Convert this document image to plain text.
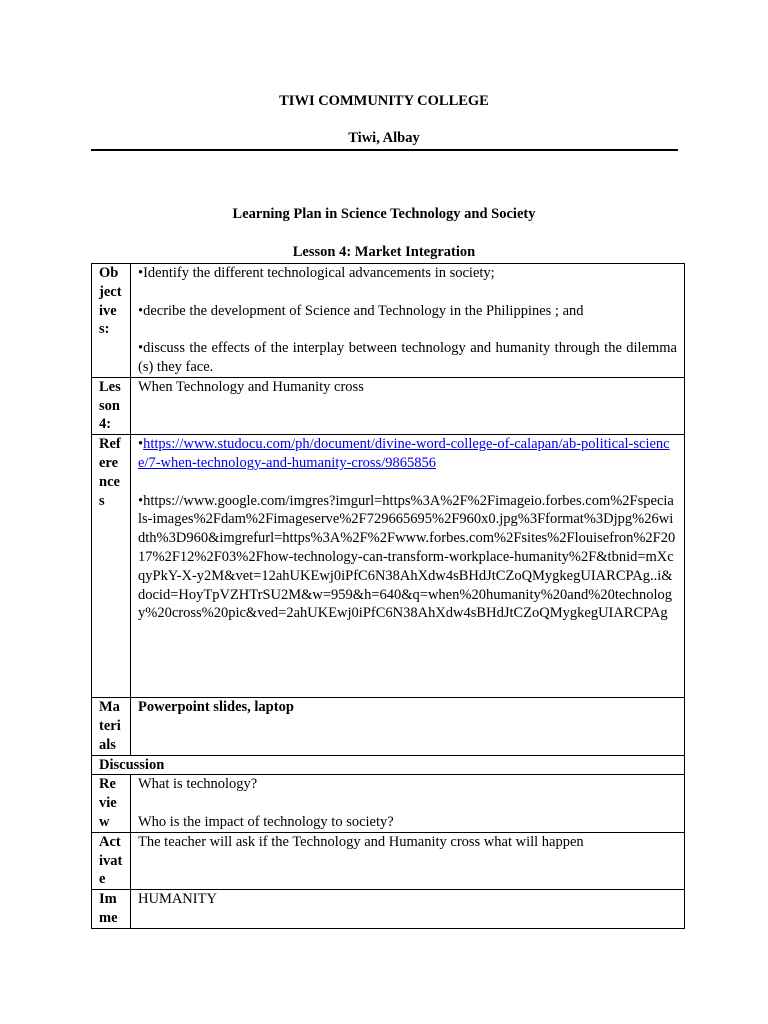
TIWI COMMUNITY COLLEGE
Tiwi, Albay
Learning Plan in Science Technology and Society
Lesson 4: Market Integration
Objectives:	•Identify the different technological advancements in society;

•decribe the development of Science and Technology in the Philippines ; and

•discuss the effects of the interplay between technology and humanity through the dilemma (s) they face.

Lesson 4:	When Technology and Humanity cross
References	•https://www.studocu.com/ph/document/divine-word-college-of-calapan/ab-political-science/7-when-technology-and-humanity-cross/9865856

•https://www.google.com/imgres?imgurl=https%3A%2F%2Fimageio.forbes.com%2Fspecials-images%2Fdam%2Fimageserve%2F729665695%2F960x0.jpg%3Fformat%3Djpg%26width%3D960&imgrefurl=https%3A%2F%2Fwww.forbes.com%2Fsites%2Flouisefron%2F2017%2F12%2F03%2Fhow-technology-can-transform-workplace-humanity%2F&tbnid=mXcqyPkY-X-y2M&vet=12ahUKEwj0iPfC6N38AhXdw4sBHdJtCZoQMygkegUIARCPAg..i&docid=HoyTpVZHTrSU2M&w=959&h=640&q=when%20humanity%20and%20technology%20cross%20pic&ved=2ahUKEwj0iPfC6N38AhXdw4sBHdJtCZoQMygkegUIARCPAg

Materials	Powerpoint slides, laptop
Discussion	
Review	What is technology?

Who is the impact of technology to society?

Activate	The teacher will ask if the Technology and Humanity cross what will happen
Imme	HUMANITY
